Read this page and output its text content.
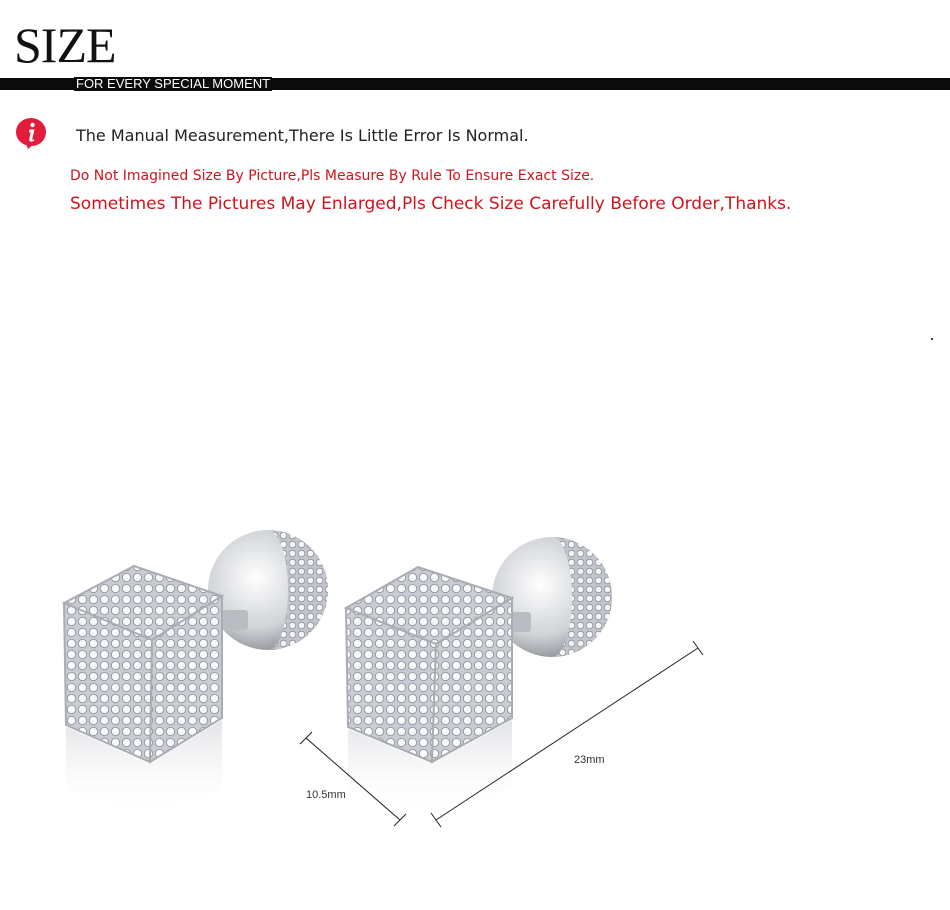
SIZE
FOR EVERY SPECIAL MOMENT
The Manual Measurement,There Is Little Error Is Normal.
Do Not Imagined Size By Picture,Pls Measure By Rule To Ensure Exact Size.
Sometimes The Pictures May Enlarged,Pls Check Size Carefully Before Order,Thanks.
10.5mm
23mm
